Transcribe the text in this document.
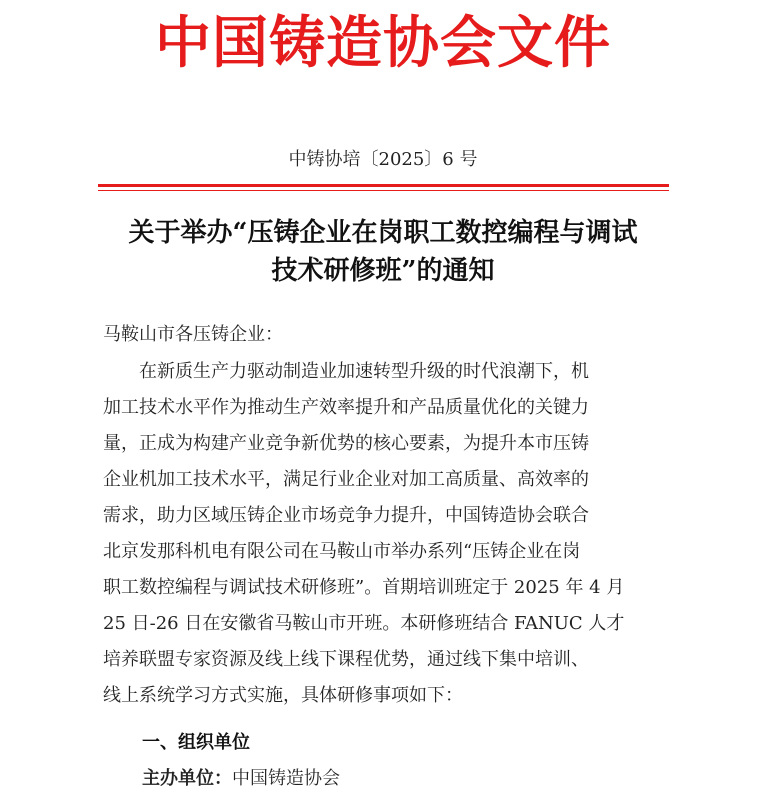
中国铸造协会文件
中铸协培〔2025〕6 号
关于举办“压铸企业在岗职工数控编程与调试
技术研修班”的通知
马鞍山市各压铸企业：
在新质生产力驱动制造业加速转型升级的时代浪潮下，机
加工技术水平作为推动生产效率提升和产品质量优化的关键力
量，正成为构建产业竞争新优势的核心要素，为提升本市压铸
企业机加工技术水平，满足行业企业对加工高质量、高效率的
需求，助力区域压铸企业市场竞争力提升，中国铸造协会联合
北京发那科机电有限公司在马鞍山市举办系列“压铸企业在岗
职工数控编程与调试技术研修班”。首期培训班定于 2025 年 4 月
25 日-26 日在安徽省马鞍山市开班。本研修班结合 FANUC 人才
培养联盟专家资源及线上线下课程优势，通过线下集中培训、
线上系统学习方式实施，具体研修事项如下：
一、组织单位
主办单位：中国铸造协会
